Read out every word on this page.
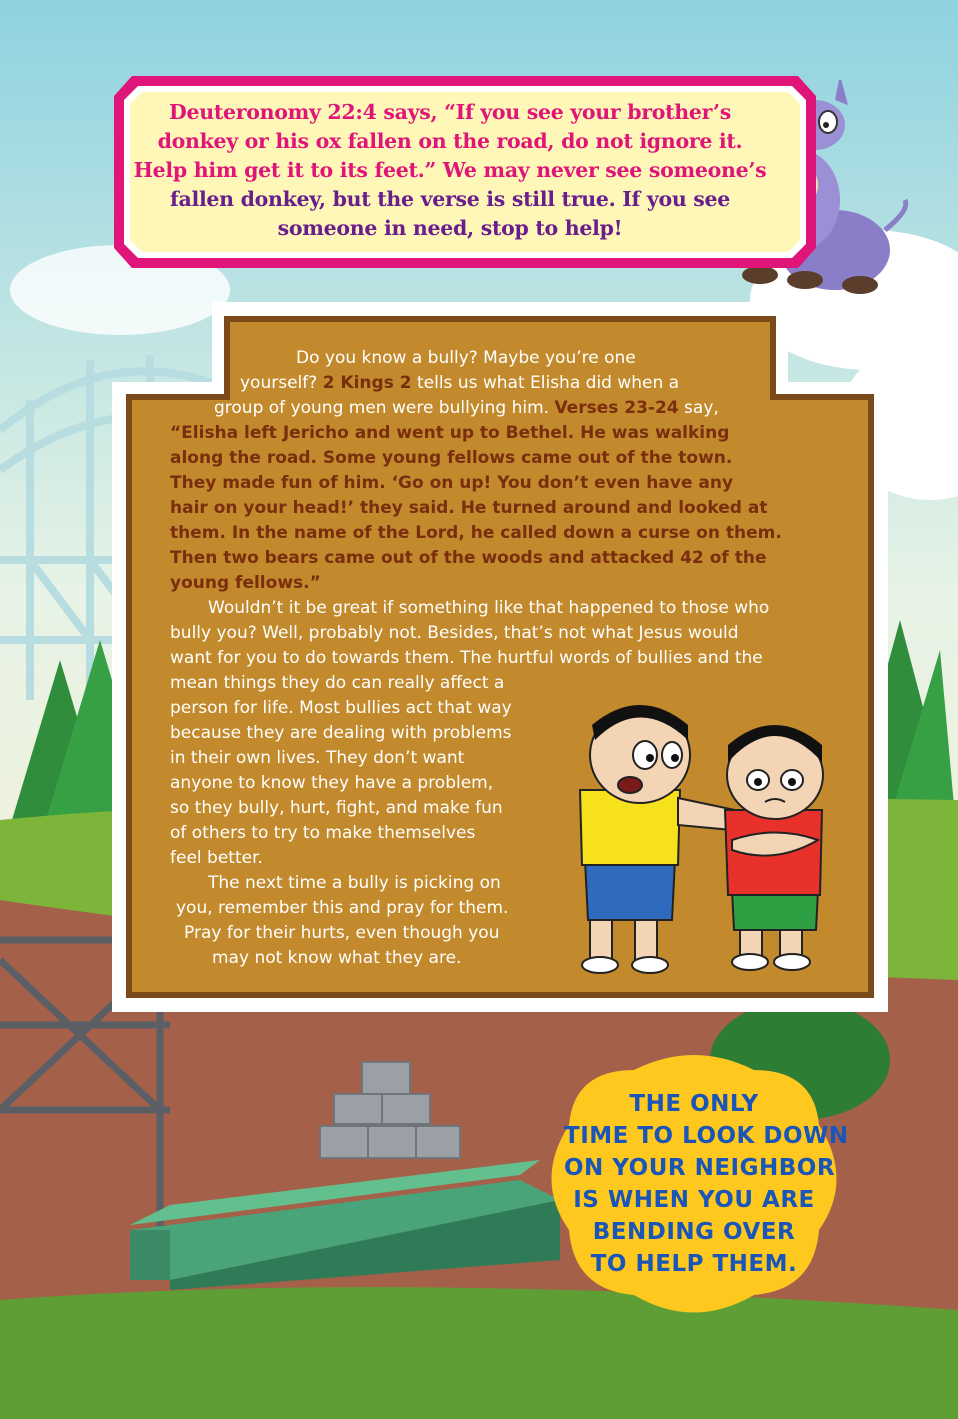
Deuteronomy 22:4 says, “If you see your brother’s
donkey or his ox fallen on the road, do not ignore it.
Help him get it to its feet.” We may never see someone’s
fallen donkey, but the verse is still true. If you see
someone in need, stop to help!
Do you know a bully? Maybe you’re one
yourself? 2 Kings 2 tells us what Elisha did when a
group of young men were bullying him. Verses 23-24 say,
“Elisha left Jericho and went up to Bethel. He was walking
along the road. Some young fellows came out of the town.
They made fun of him. ‘Go on up! You don’t even have any
hair on your head!’ they said. He turned around and looked at
them. In the name of the Lord, he called down a curse on them.
Then two bears came out of the woods and attacked 42 of the
young fellows.”
Wouldn’t it be great if something like that happened to those who
bully you? Well, probably not. Besides, that’s not what Jesus would
want for you to do towards them. The hurtful words of bullies and the
mean things they do can really affect a
person for life. Most bullies act that way
because they are dealing with problems
in their own lives. They don’t want
anyone to know they have a problem,
so they bully, hurt, fight, and make fun
of others to try to make themselves
feel better.
The next time a bully is picking on
you, remember this and pray for them.
Pray for their hurts, even though you
may not know what they are.
THE ONLY
TIME TO LOOK DOWN
ON YOUR NEIGHBOR
IS WHEN YOU ARE
BENDING OVER
TO HELP THEM.
